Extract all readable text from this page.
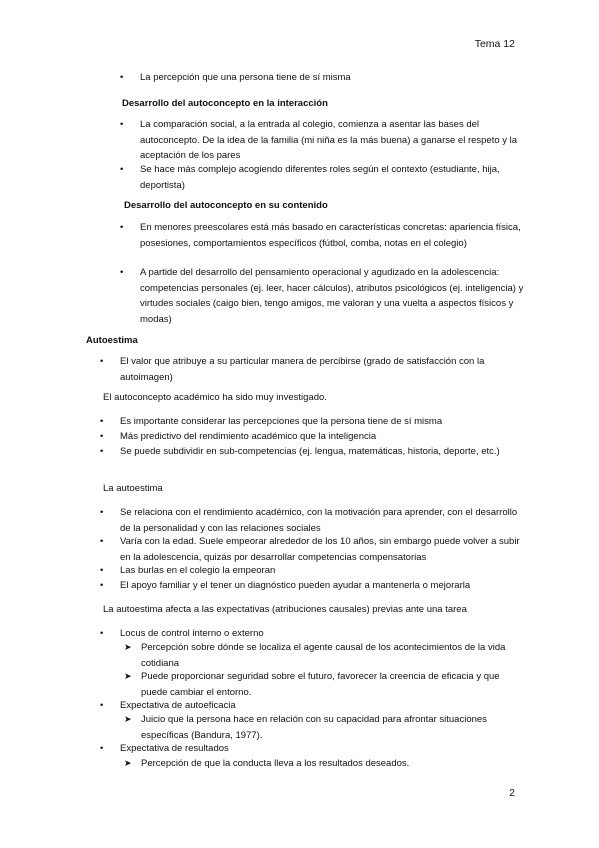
Tema 12
• La percepción que una persona tiene de sí misma
Desarrollo del autoconcepto en la interacción
• La comparación social, a la entrada al colegio, comienza a asentar las bases del autoconcepto. De la idea de la familia (mi niña es la más buena) a ganarse el respeto y la aceptación de los pares
• Se hace más complejo acogiendo diferentes roles según el contexto (estudiante, hija, deportista)
Desarrollo del autoconcepto en su contenido
• En menores preescolares está más basado en características concretas: apariencia física, posesiones, comportamientos específicos (fútbol, comba, notas en el colegio)
• A partide del desarrollo del pensamiento operacional y agudizado en la adolescencia: competencias personales (ej. leer, hacer cálculos), atributos psicológicos (ej. inteligencia) y virtudes sociales (caigo bien, tengo amigos, me valoran y una vuelta a aspectos físicos y modas)
Autoestima
• El valor que atribuye a su particular manera de percibirse (grado de satisfacción con la autoimagen)
El autoconcepto académico ha sido muy investigado.
• Es importante considerar las percepciones que la persona tiene de sí misma
• Más predictivo del rendimiento académico que la inteligencia
• Se puede subdividir en sub-competencias (ej. lengua, matemáticas, historia, deporte, etc.)
La autoestima
• Se relaciona con el rendimiento académico, con la motivación para aprender, con el desarrollo de la personalidad y con las relaciones sociales
• Varía con la edad. Suele empeorar alrededor de los 10 años, sin embargo puede volver a subir en la adolescencia, quizás por desarrollar competencias compensatorias
• Las burlas en el colegio la empeoran
• El apoyo familiar y el tener un diagnóstico pueden ayudar a mantenerla o mejorarla
La autoestima afecta a las expectativas (atribuciones causales) previas ante una tarea
• Locus de control interno o externo
➤ Percepción sobre dónde se localiza el agente causal de los acontecimientos de la vida cotidiana
➤ Puede proporcionar seguridad sobre el futuro, favorecer la creencia de eficacia y que puede cambiar el entorno.
• Expectativa de autoeficacia
➤ Juicio que la persona hace en relación con su capacidad para afrontar situaciones específicas (Bandura, 1977).
• Expectativa de resultados
➤ Percepción de que la conducta lleva a los resultados deseados.
2
